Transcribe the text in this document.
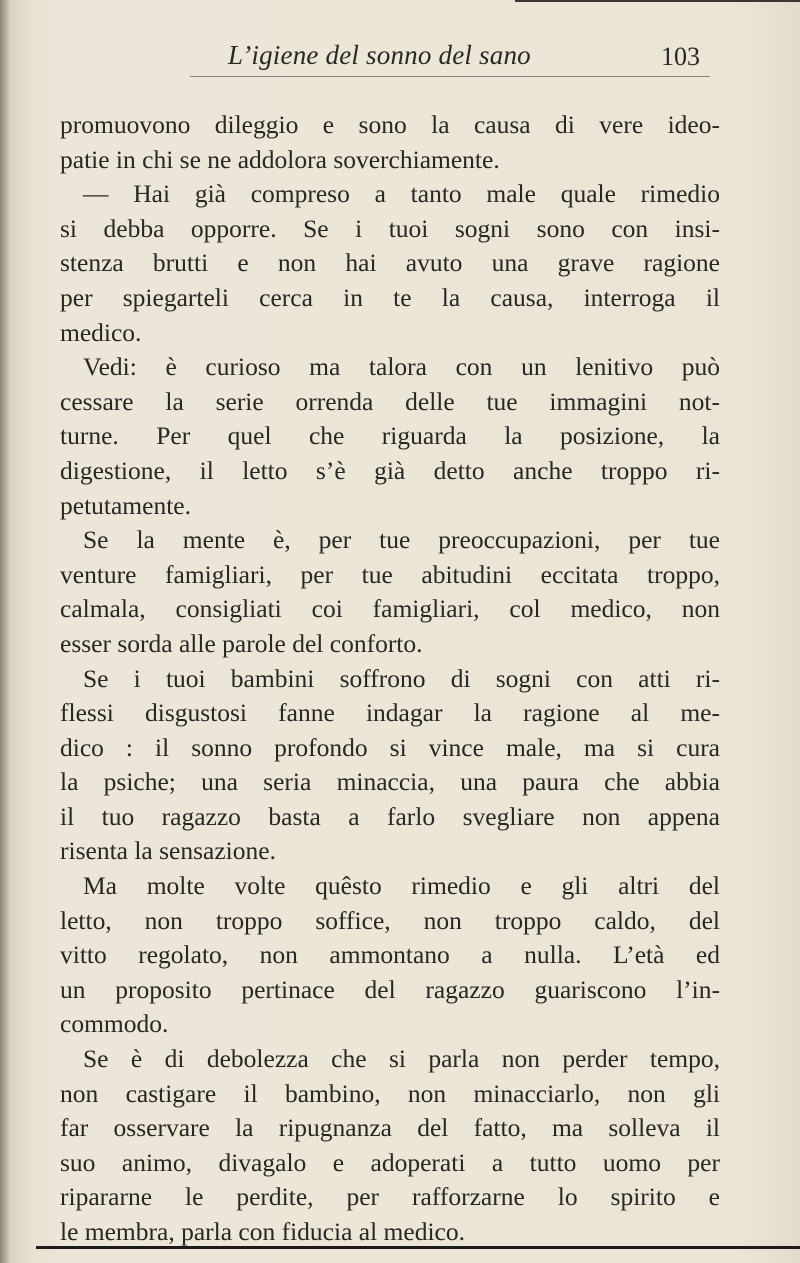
L’igiene del sonno del sano	103
promuovono dileggio e sono la causa di vere ideo-
patie in chi se ne addolora soverchiamente.
— Hai già compreso a tanto male quale rimedio
si debba opporre. Se i tuoi sogni sono con insi-
stenza brutti e non hai avuto una grave ragione
per spiegarteli cerca in te la causa, interroga il
medico.
Vedi: è curioso ma talora con un lenitivo può
cessare la serie orrenda delle tue immagini not-
turne. Per quel che riguarda la posizione, la
digestione, il letto s’è già detto anche troppo ri-
petutamente.
Se la mente è, per tue preoccupazioni, per tue
venture famigliari, per tue abitudini eccitata troppo,
calmala, consigliati coi famigliari, col medico, non
esser sorda alle parole del conforto.
Se i tuoi bambini soffrono di sogni con atti ri-
flessi disgustosi fanne indagar la ragione al me-
dico : il sonno profondo si vince male, ma si cura
la psiche; una seria minaccia, una paura che abbia
il tuo ragazzo basta a farlo svegliare non appena
risenta la sensazione.
Ma molte volte quêsto rimedio e gli altri del
letto, non troppo soffice, non troppo caldo, del
vitto regolato, non ammontano a nulla. L’età ed
un proposito pertinace del ragazzo guariscono l’in-
commodo.
Se è di debolezza che si parla non perder tempo,
non castigare il bambino, non minacciarlo, non gli
far osservare la ripugnanza del fatto, ma solleva il
suo animo, divagalo e adoperati a tutto uomo per
ripararne le perdite, per rafforzarne lo spirito e
le membra, parla con fiducia al medico.
